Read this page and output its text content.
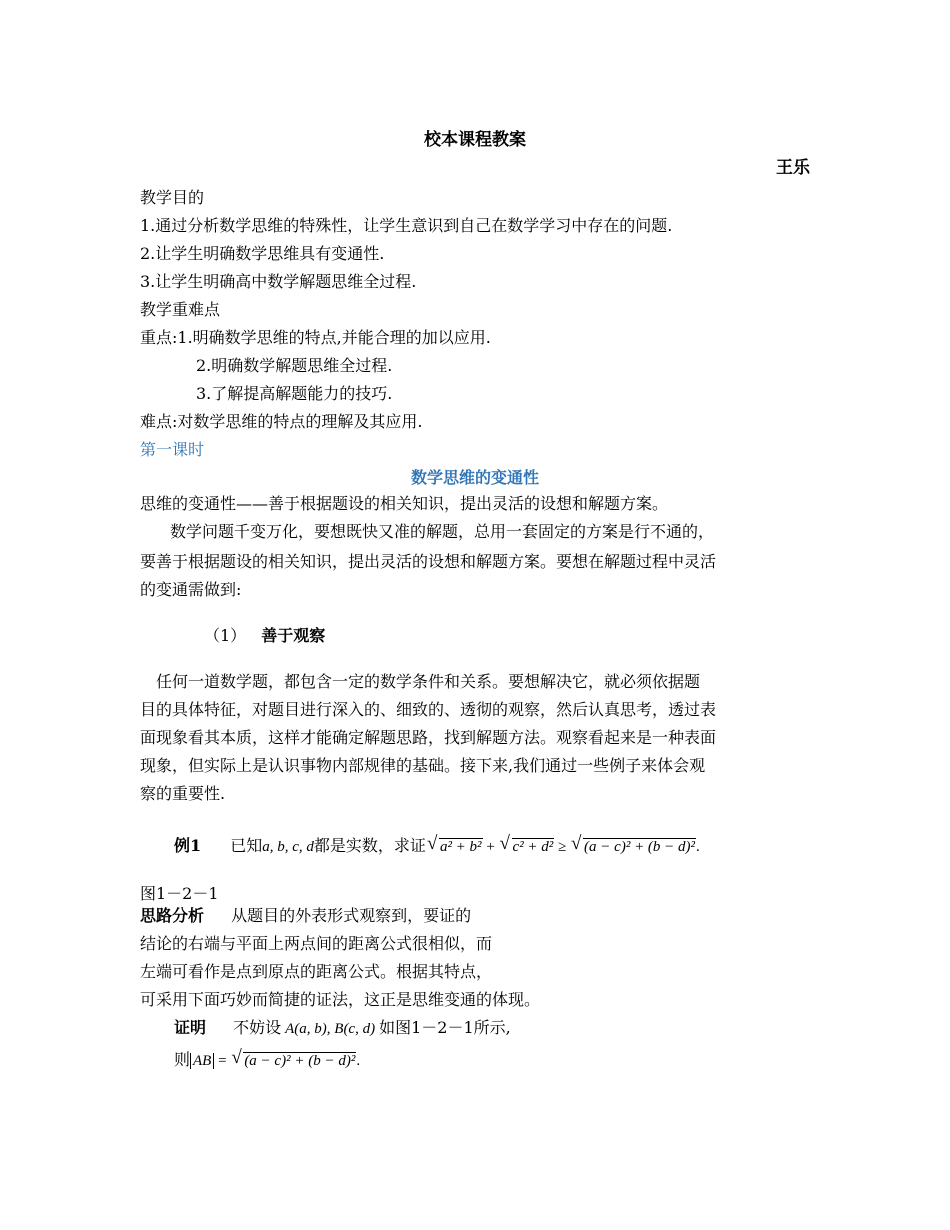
校本课程教案
王乐
教学目的
1.通过分析数学思维的特殊性，让学生意识到自己在数学学习中存在的问题.
2.让学生明确数学思维具有变通性.
3.让学生明确高中数学解题思维全过程.
教学重难点
重点:1.明确数学思维的特点,并能合理的加以应用.
2.明确数学解题思维全过程.
3.了解提高解题能力的技巧.
难点:对数学思维的特点的理解及其应用.
第一课时
数学思维的变通性
思维的变通性——善于根据题设的相关知识，提出灵活的设想和解题方案。
数学问题千变万化，要想既快又准的解题，总用一套固定的方案是行不通的，
要善于根据题设的相关知识，提出灵活的设想和解题方案。要想在解题过程中灵活
的变通需做到:
（1） 善于观察
任何一道数学题，都包含一定的数学条件和关系。要想解决它，就必须依据题
目的具体特征，对题目进行深入的、细致的、透彻的观察，然后认真思考，透过表
面现象看其本质，这样才能确定解题思路，找到解题方法。观察看起来是一种表面
现象，但实际上是认识事物内部规律的基础。接下来,我们通过一些例子来体会观
察的重要性.
例1 已知a, b, c, d都是实数，求证 √ a² + b² + √ c² + d² ≥ √ (a − c)² + (b − d)².
图1－2－1
思路分析 从题目的外表形式观察到，要证的
结论的右端与平面上两点间的距离公式很相似，而
左端可看作是点到原点的距离公式。根据其特点，
可采用下面巧妙而简捷的证法，这正是思维变通的体现。
证明 不妨设 A(a, b), B(c, d) 如图1－2－1所示,
则 AB = √ (a − c)² + (b − d)².
